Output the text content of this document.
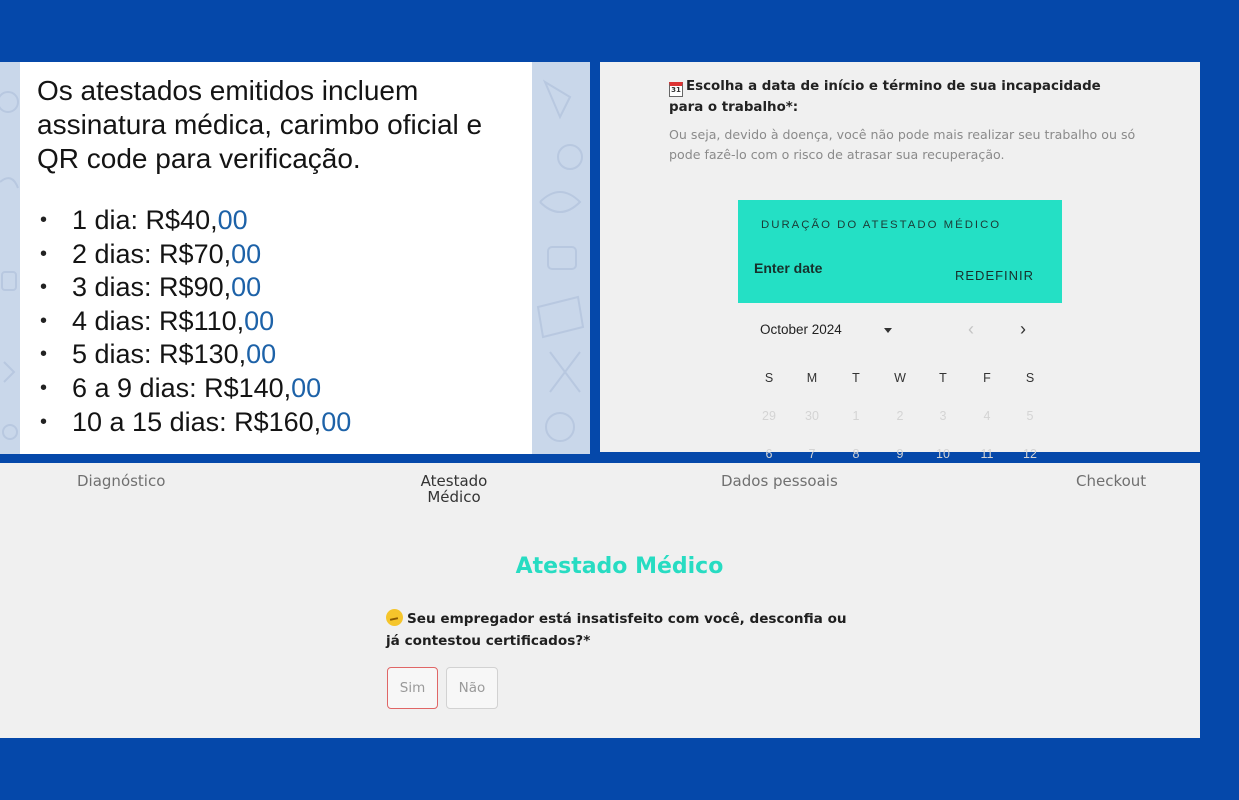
Os atestados emitidos incluem assinatura médica, carimbo oficial e QR code para verificação.

• 1 dia: R$40,00
• 2 dias: R$70,00
• 3 dias: R$90,00
• 4 dias: R$110,00
• 5 dias: R$130,00
• 6 a 9 dias: R$140,00
• 10 a 15 dias: R$160,00
31 Escolha a data de início e término de sua incapacidade para o trabalho*:
Ou seja, devido à doença, você não pode mais realizar seu trabalho ou só pode fazê-lo com o risco de atrasar sua recuperação.
DURAÇÃO DO ATESTADO MÉDICO
Enter date	REDEFINIR
October 2024	‹	›
S	M	T	W	T	F	S
29	30	1	2	3	4	5
6	7	8	9	10	11	12
Diagnóstico	Atestado
Médico
Dados pessoais	Checkout
Atestado Médico
Seu empregador está insatisfeito com você, desconfia ou já contestou certificados?*
Sim	Não
